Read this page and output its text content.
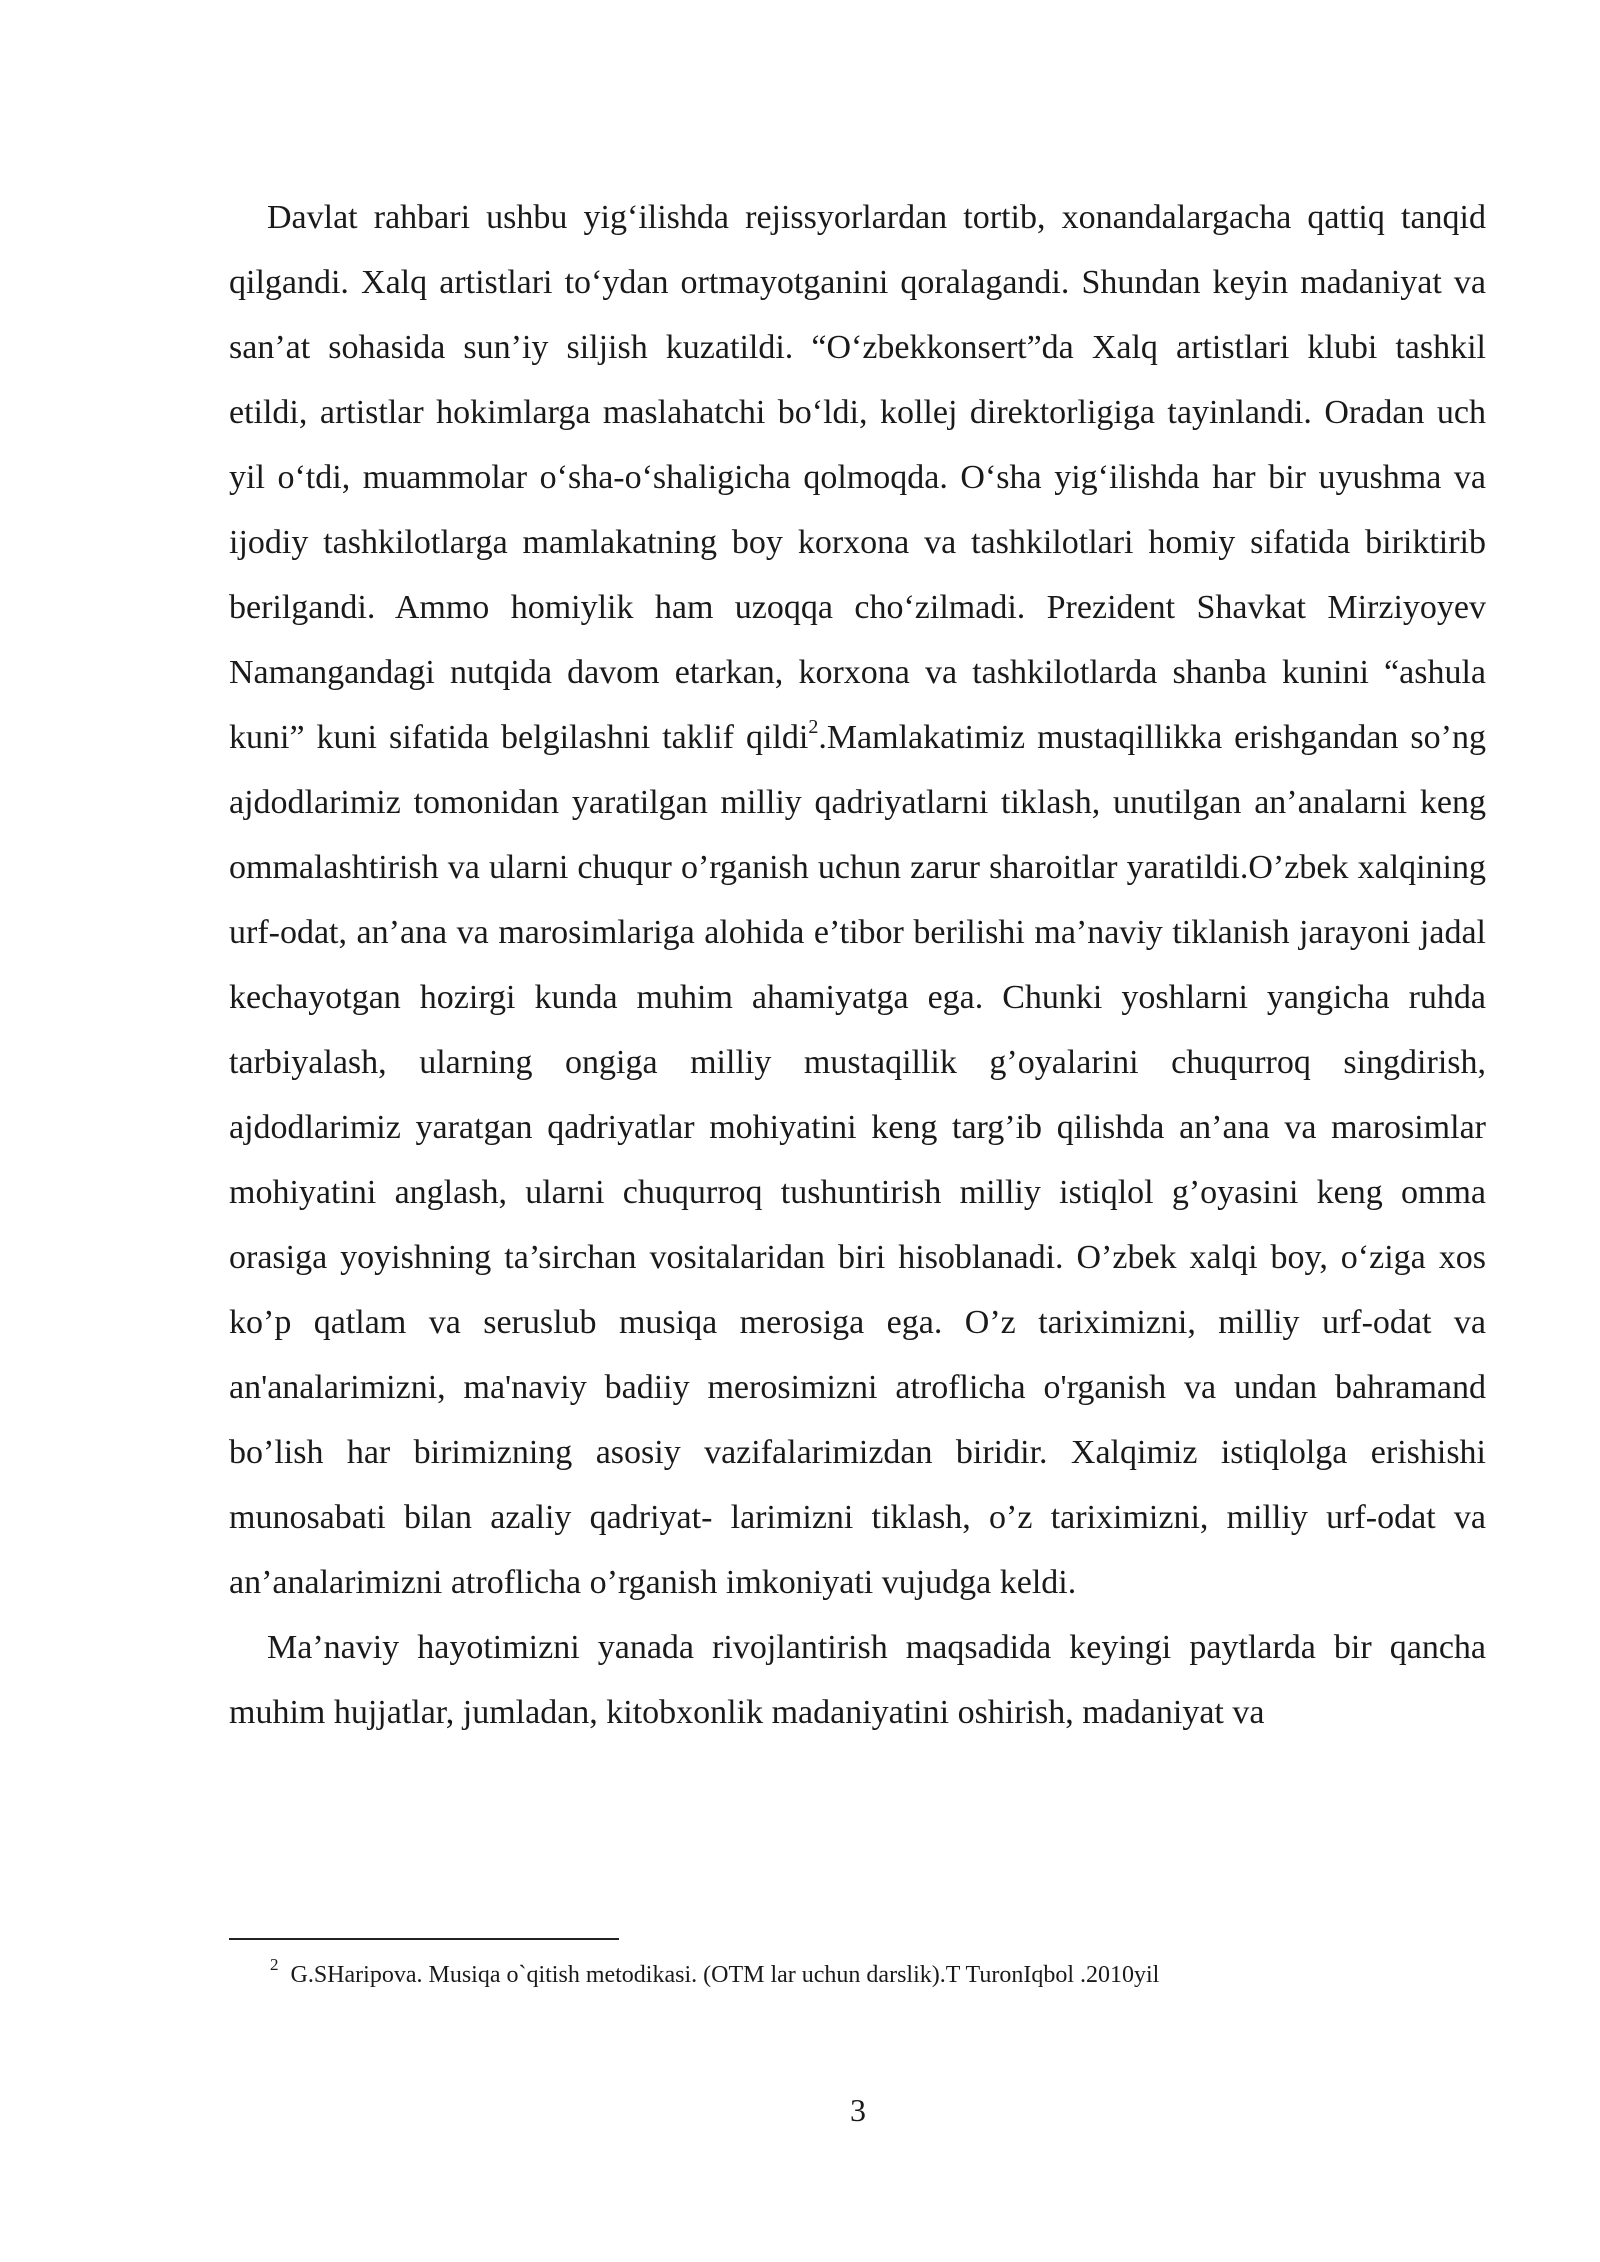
Davlat rahbari ushbu yig‘ilishda rejissyorlardan tortib, xonandalargacha qattiq tanqid qilgandi. Xalq artistlari to‘ydan ortmayotganini qoralagandi. Shundan keyin madaniyat va san’at sohasida sun’iy siljish kuzatildi. “O‘zbekkonsert”da Xalq artistlari klubi tashkil etildi, artistlar hokimlarga maslahatchi bo‘ldi, kollej direktorligiga tayinlandi. Oradan uch yil o‘tdi, muammolar o‘sha-o‘shaligicha qolmoqda. O‘sha yig‘ilishda har bir uyushma va ijodiy tashkilotlarga mamlakatning boy korxona va tashkilotlari homiy sifatida biriktirib berilgandi. Ammo homiylik ham uzoqqa cho‘zilmadi. Prezident Shavkat Mirziyoyev Namangandagi nutqida davom etarkan, korxona va tashkilotlarda shanba kunini “ashula kuni” kuni sifatida belgilashni taklif qildi$^2$.Mamlakatimiz mustaqillikka erishgandan so’ng ajdodlarimiz tomonidan yaratilgan milliy qadriyatlarni tiklash, unutilgan an’analarni keng ommalashtirish va ularni chuqur o’rganish uchun zarur sharoitlar yaratildi.O’zbek xalqining urf-odat, an’ana va marosimlariga alohida e’tibor berilishi ma’naviy tiklanish jarayoni jadal kechayotgan hozirgi kunda muhim ahamiyatga ega. Chunki yoshlarni yangicha ruhda tarbiyalash, ularning ongiga milliy mustaqillik g’oyalarini chuqurroq singdirish, ajdodlarimiz yaratgan qadriyatlar mohiyatini keng targ’ib qilishda an’ana va marosimlar mohiyatini anglash, ularni chuqurroq tushuntirish milliy istiqlol g’oyasini keng omma orasiga yoyishning ta’sirchan vositalaridan biri hisoblanadi. O’zbek xalqi boy, o‘ziga xos ko’p qatlam va seruslub musiqa merosiga ega. O’z tariximizni, milliy urf-odat va an'analarimizni, ma'naviy badiiy merosimizni atroflicha o'rganish va undan bahramand bo’lish har birimizning asosiy vazifalarimizdan biridir. Xalqimiz istiqlolga erishishi munosabati bilan azaliy qadriyat- larimizni tiklash, o’z tariximizni, milliy urf-odat va an’analarimizni atroflicha o’rganish imkoniyati vujudga keldi.

Ma’naviy hayotimizni yanada rivojlantirish maqsadida keyingi paytlarda bir qancha muhim hujjatlar, jumladan, kitobxonlik madaniyatini oshirish, madaniyat va

$^2$ G.SHaripova. Musiqa o`qitish metodikasi. (OTM lar uchun darslik).T TuronIqbol .2010yil
3
